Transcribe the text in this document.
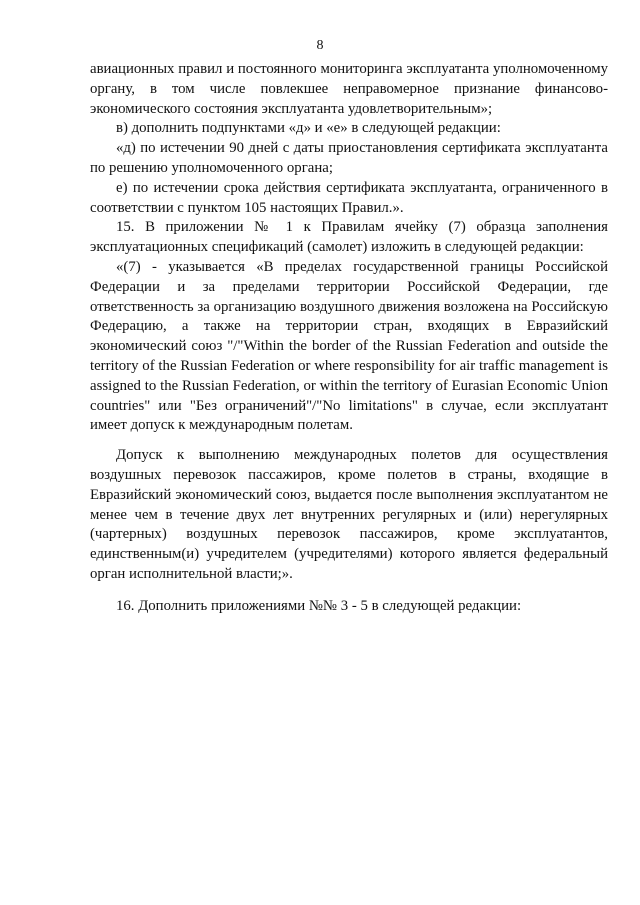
8

авиационных правил и постоянного мониторинга эксплуатанта уполномоченному органу, в том числе повлекшее неправомерное признание финансово-экономического состояния эксплуатанта удовлетворительным»;

в) дополнить подпунктами «д» и «е» в следующей редакции:

«д) по истечении 90 дней с даты приостановления сертификата эксплуатанта по решению уполномоченного органа;

е) по истечении срока действия сертификата эксплуатанта, ограниченного в соответствии с пунктом 105 настоящих Правил.».

15. В приложении № 1 к Правилам ячейку (7) образца заполнения эксплуатационных спецификаций (самолет) изложить в следующей редакции:

«(7) - указывается «В пределах государственной границы Российской Федерации и за пределами территории Российской Федерации, где ответственность за организацию воздушного движения возложена на Российскую Федерацию, а также на территории стран, входящих в Евразийский экономический союз "/"Within the border of the Russian Federation and outside the territory of the Russian Federation or where responsibility for air traffic management is assigned to the Russian Federation, or within the territory of Eurasian Economic Union countries" или "Без ограничений"/"No limitations" в случае, если эксплуатант имеет допуск к международным полетам.

Допуск к выполнению международных полетов для осуществления воздушных перевозок пассажиров, кроме полетов в страны, входящие в Евразийский экономический союз, выдается после выполнения эксплуатантом не менее чем в течение двух лет внутренних регулярных и (или) нерегулярных (чартерных) воздушных перевозок пассажиров, кроме эксплуатантов, единственным(и) учредителем (учредителями) которого является федеральный орган исполнительной власти;».

16. Дополнить приложениями №№ 3 - 5 в следующей редакции:
